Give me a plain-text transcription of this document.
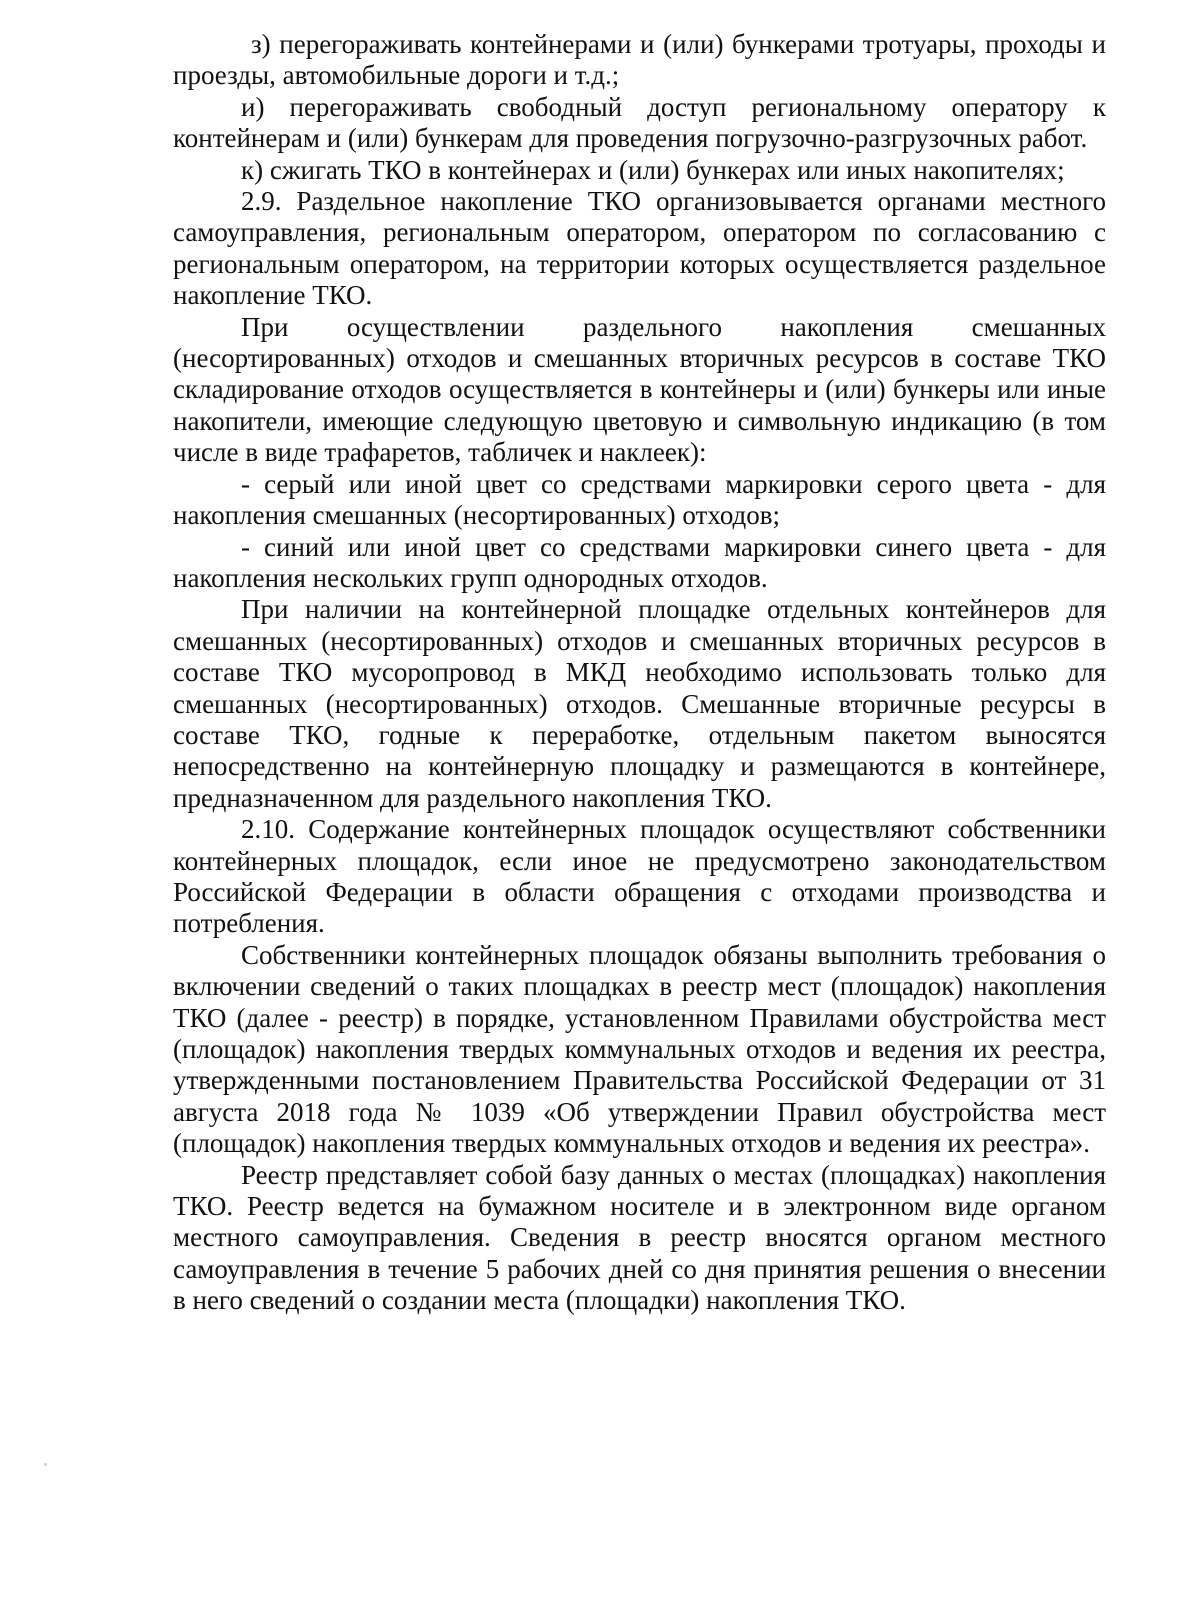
з) перегораживать контейнерами и (или) бункерами тротуары, проходы и проезды, автомобильные дороги и т.д.;

и) перегораживать свободный доступ региональному оператору к контейнерам и (или) бункерам для проведения погрузочно-разгрузочных работ.

к) сжигать ТКО в контейнерах и (или) бункерах или иных накопителях;

2.9. Раздельное накопление ТКО организовывается органами местного самоуправления, региональным оператором, оператором по согласованию с региональным оператором, на территории которых осуществляется раздельное накопление ТКО.

При осуществлении раздельного накопления смешанных (несортированных) отходов и смешанных вторичных ресурсов в составе ТКО складирование отходов осуществляется в контейнеры и (или) бункеры или иные накопители, имеющие следующую цветовую и символьную индикацию (в том числе в виде трафаретов, табличек и наклеек):

- серый или иной цвет со средствами маркировки серого цвета - для накопления смешанных (несортированных) отходов;

- синий или иной цвет со средствами маркировки синего цвета - для накопления нескольких групп однородных отходов.

При наличии на контейнерной площадке отдельных контейнеров для смешанных (несортированных) отходов и смешанных вторичных ресурсов в составе ТКО мусоропровод в МКД необходимо использовать только для смешанных (несортированных) отходов. Смешанные вторичные ресурсы в составе ТКО, годные к переработке, отдельным пакетом выносятся непосредственно на контейнерную площадку и размещаются в контейнере, предназначенном для раздельного накопления ТКО.

2.10. Содержание контейнерных площадок осуществляют собственники контейнерных площадок, если иное не предусмотрено законодательством Российской Федерации в области обращения с отходами производства и потребления.

Собственники контейнерных площадок обязаны выполнить требования о включении сведений о таких площадках в реестр мест (площадок) накопления ТКО (далее - реестр) в порядке, установленном Правилами обустройства мест (площадок) накопления твердых коммунальных отходов и ведения их реестра, утвержденными постановлением Правительства Российской Федерации от 31 августа 2018 года № 1039 «Об утверждении Правил обустройства мест (площадок) накопления твердых коммунальных отходов и ведения их реестра».

Реестр представляет собой базу данных о местах (площадках) накопления ТКО. Реестр ведется на бумажном носителе и в электронном виде органом местного самоуправления. Сведения в реестр вносятся органом местного самоуправления в течение 5 рабочих дней со дня принятия решения о внесении в него сведений о создании места (площадки) накопления ТКО.
